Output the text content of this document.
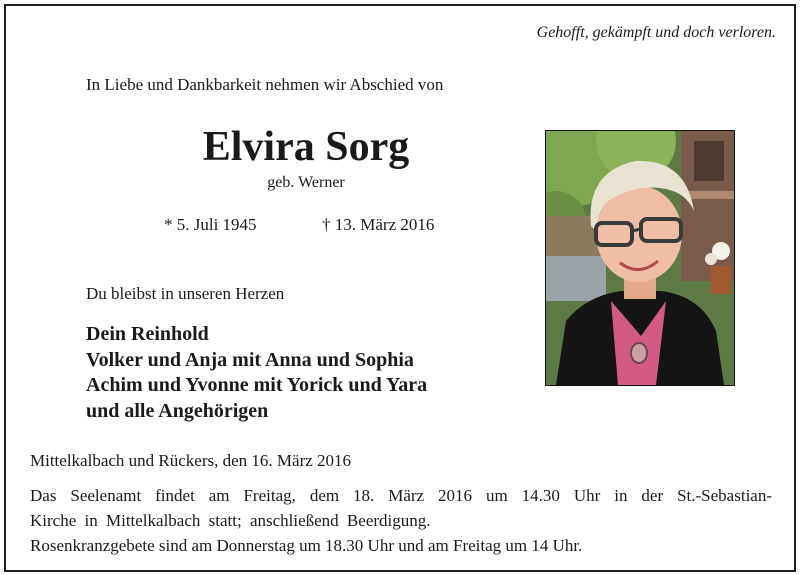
Gehofft, gekämpft und doch verloren.
In Liebe und Dankbarkeit nehmen wir Abschied von
Elvira Sorg
geb. Werner
* 5. Juli 1945	† 13. März 2016
Du bleibst in unseren Herzen
Dein Reinhold
Volker und Anja mit Anna und Sophia
Achim und Yvonne mit Yorick und Yara
und alle Angehörigen
Mittelkalbach und Rückers, den 16. März 2016
Das Seelenamt findet am Freitag, dem 18. März 2016 um 14.30 Uhr in der St.-Sebastian-
Kirche in Mittelkalbach statt; anschließend Beerdigung.
Rosenkranzgebete sind am Donnerstag um 18.30 Uhr und am Freitag um 14 Uhr.
